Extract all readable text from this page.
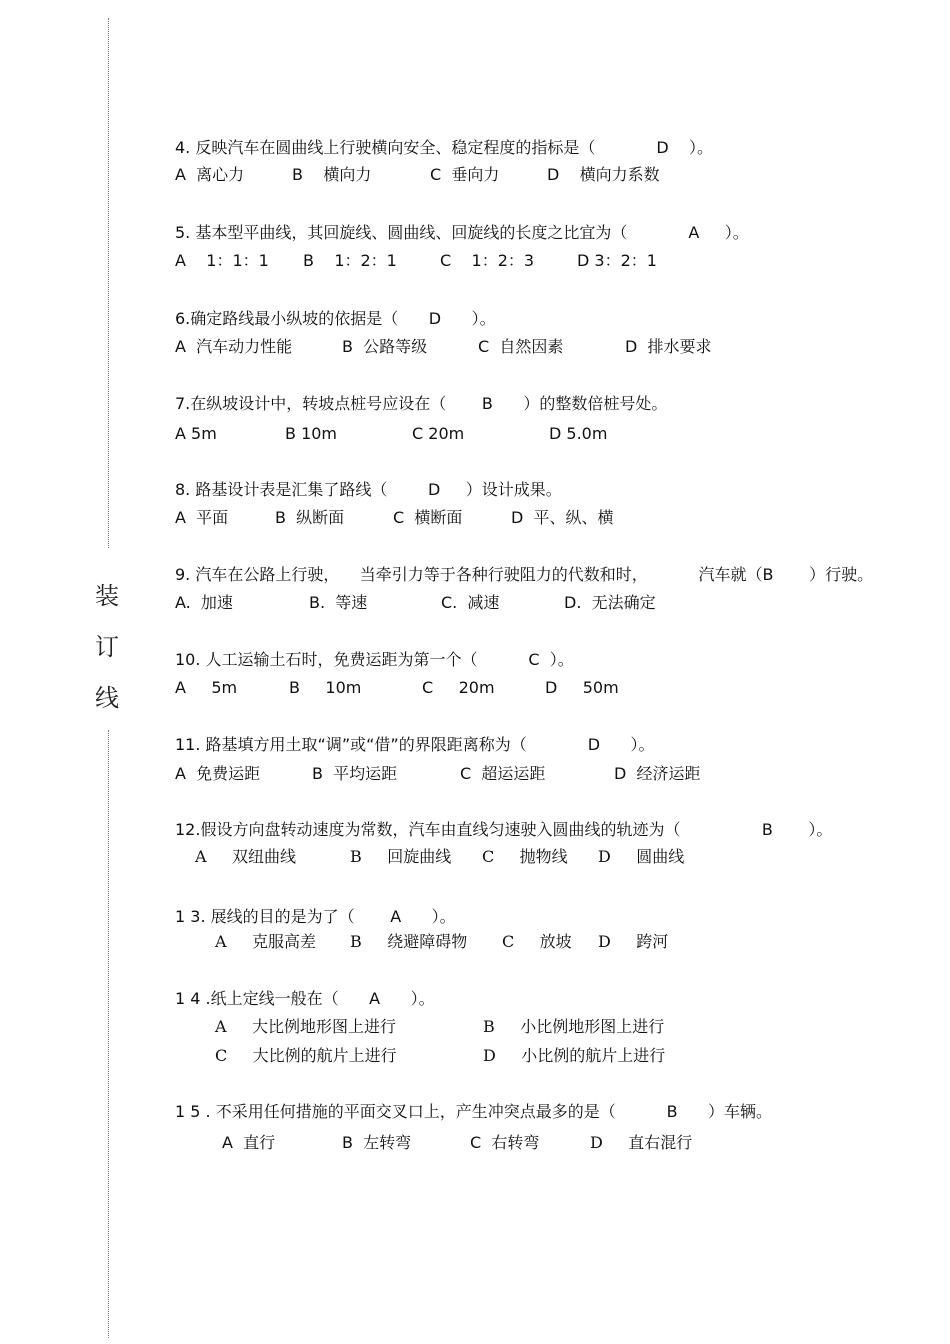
装
订
线
4. 反映汽车在圆曲线上行驶横向安全、稳定程度的指标是（            D    ）。
A  离心力	B    横向力	C  垂向力	D    横向力系数
5. 基本型平曲线，其回旋线、圆曲线、回旋线的长度之比宜为（            A     ）。
A    1：1：1 B    1：2：1	C    1：2：3	D 3：2：1
6.确定路线最小纵坡的依据是（      D      ）。
A  汽车动力性能	B  公路等级	C  自然因素	D  排水要求
7.在纵坡设计中，转坡点桩号应设在（       B      ）的整数倍桩号处。
A 5m	B 10m	C 20m	D 5.0m
8. 路基设计表是汇集了路线（        D     ）设计成果。
A  平面	B  纵断面	C  横断面	D  平、纵、横
9. 汽车在公路上行驶，    当牵引力等于各种行驶阻力的代数和时，          汽车就（B       ）行驶。
A.  加速	B.  等速	C.  减速	D.  无法确定
10. 人工运输土石时，免费运距为第一个（          C  ）。
A     5m	B     10m	C     20m	D     50m
11. 路基填方用土取“调”或“借”的界限距离称为（            D      ）。
A  免费运距	B  平均运距	C  超运运距	D  经济运距
12.假设方向盘转动速度为常数，汽车由直线匀速驶入圆曲线的轨迹为（                B       ）。
A     双纽曲线	B     回旋曲线 C     抛物线 D     圆曲线
1 3. 展线的目的是为了（       A      ）。
A     克服高差 B     绕避障碍物 C     放坡 D     跨河
1 4 .纸上定线一般在（      A      ）。
A     大比例地形图上进行	B     小比例地形图上进行
C     大比例的航片上进行	D     小比例的航片上进行
1 5 . 不采用任何措施的平面交叉口上，产生冲突点最多的是（          B      ）车辆。
A  直行	B  左转弯	C  右转弯	D     直右混行
